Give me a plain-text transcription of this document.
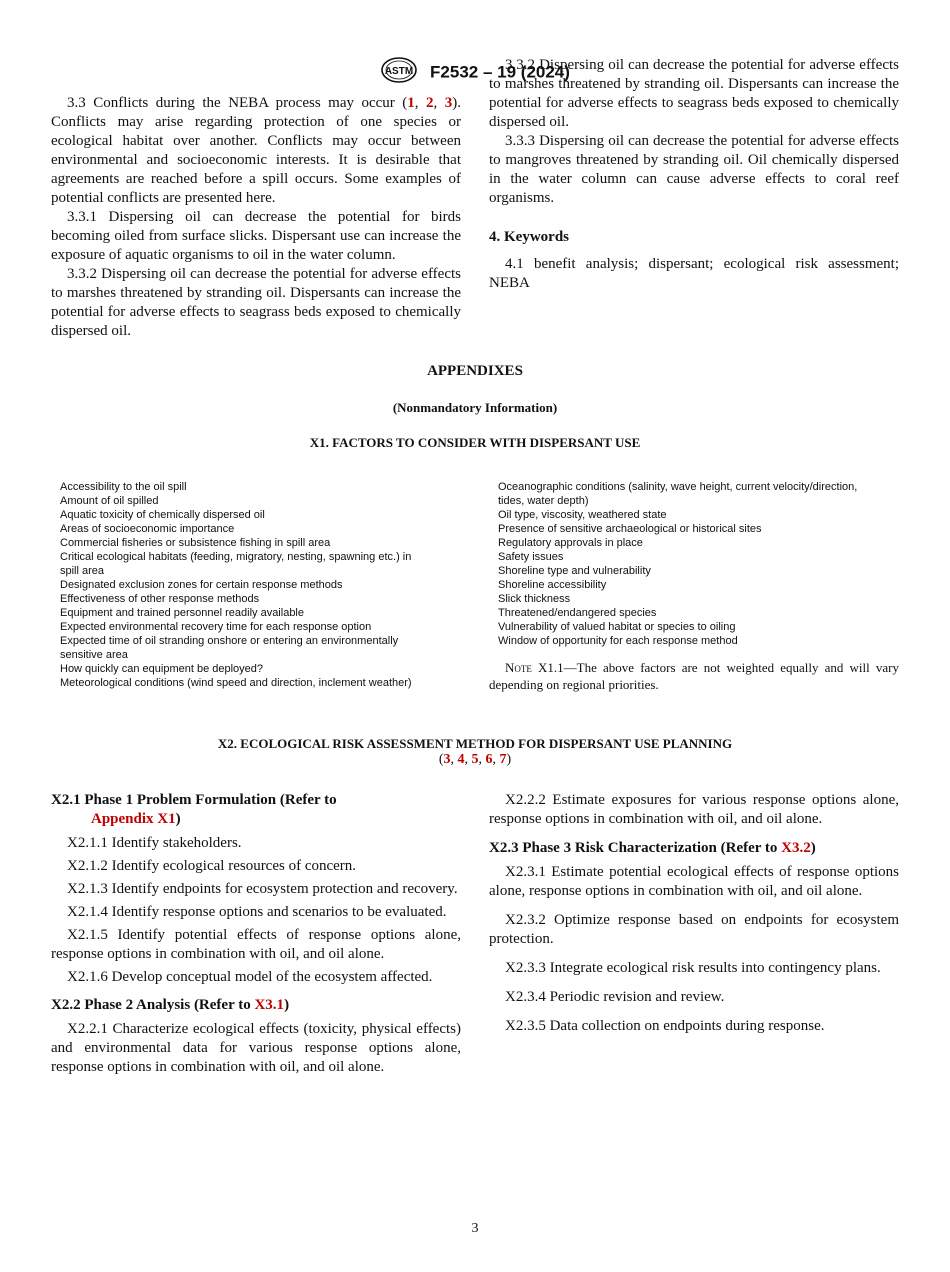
ASTM F2532 – 19 (2024)

3.3 Conflicts during the NEBA process may occur (1, 2, 3). Conflicts may arise regarding protection of one species or ecological habitat over another. Conflicts may occur between environmental and socioeconomic interests. It is desirable that agreements are reached before a spill occurs. Some examples of potential conflicts are presented here.

3.3.1 Dispersing oil can decrease the potential for birds becoming oiled from surface slicks. Dispersant use can increase the exposure of aquatic organisms to oil in the water column.

3.3.2 Dispersing oil can decrease the potential for adverse effects to marshes threatened by stranding oil. Dispersants can increase the potential for adverse effects to seagrass beds exposed to chemically dispersed oil.

3.3.2 Dispersing oil can decrease the potential for adverse effects to marshes threatened by stranding oil. Dispersants can increase the potential for adverse effects to seagrass beds exposed to chemically dispersed oil.

3.3.3 Dispersing oil can decrease the potential for adverse effects to mangroves threatened by stranding oil. Oil chemically dispersed in the water column can cause adverse effects to coral reef organisms.

4. Keywords

4.1 benefit analysis; dispersant; ecological risk assessment; NEBA

APPENDIXES
(Nonmandatory Information)
X1. FACTORS TO CONSIDER WITH DISPERSANT USE
Accessibility to the oil spill
Amount of oil spilled
Aquatic toxicity of chemically dispersed oil
Areas of socioeconomic importance
Commercial fisheries or subsistence fishing in spill area
Critical ecological habitats (feeding, migratory, nesting, spawning etc.) in
spill area
Designated exclusion zones for certain response methods
Effectiveness of other response methods
Equipment and trained personnel readily available
Expected environmental recovery time for each response option
Expected time of oil stranding onshore or entering an environmentally
sensitive area
How quickly can equipment be deployed?
Meteorological conditions (wind speed and direction, inclement weather)
Oceanographic conditions (salinity, wave height, current velocity/direction,
tides, water depth)
Oil type, viscosity, weathered state
Presence of sensitive archaeological or historical sites
Regulatory approvals in place
Safety issues
Shoreline type and vulnerability
Shoreline accessibility
Slick thickness
Threatened/endangered species
Vulnerability of valued habitat or species to oiling
Window of opportunity for each response method
Note X1.1—The above factors are not weighted equally and will vary depending on regional priorities.
X2. ECOLOGICAL RISK ASSESSMENT METHOD FOR DISPERSANT USE PLANNING
(3, 4, 5, 6, 7)
X2.1 Phase 1 Problem Formulation (Refer to
Appendix X1)

X2.1.1 Identify stakeholders.

X2.1.2 Identify ecological resources of concern.

X2.1.3 Identify endpoints for ecosystem protection and recovery.

X2.1.4 Identify response options and scenarios to be evaluated.

X2.1.5 Identify potential effects of response options alone, response options in combination with oil, and oil alone.

X2.1.6 Develop conceptual model of the ecosystem affected.

X2.2 Phase 2 Analysis (Refer to X3.1)

X2.2.1 Characterize ecological effects (toxicity, physical effects) and environmental data for various response options alone, response options in combination with oil, and oil alone.

X2.2.2 Estimate exposures for various response options alone, response options in combination with oil, and oil alone.

X2.3 Phase 3 Risk Characterization (Refer to X3.2)

X2.3.1 Estimate potential ecological effects of response options alone, response options in combination with oil, and oil alone.

X2.3.2 Optimize response based on endpoints for ecosystem protection.

X2.3.3 Integrate ecological risk results into contingency plans.

X2.3.4 Periodic revision and review.

X2.3.5 Data collection on endpoints during response.

3
